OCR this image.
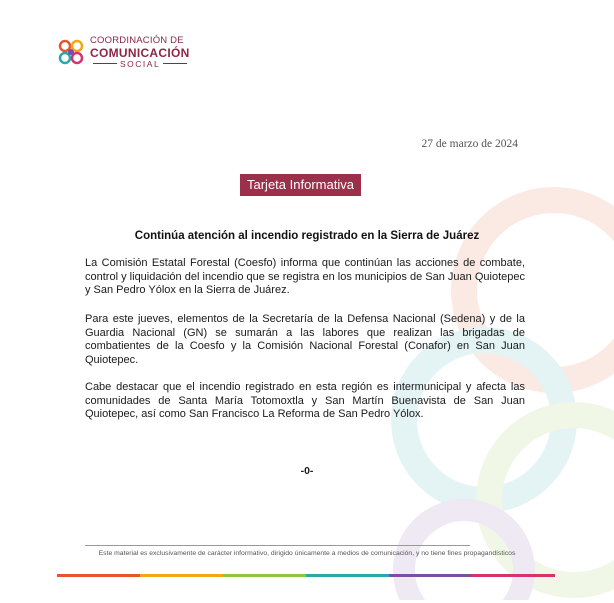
COORDINACIÓN DE
COMUNICACIÓN
SOCIAL
27 de marzo de 2024
Tarjeta Informativa
Continúa atención al incendio registrado en la Sierra de Juárez

La Comisión Estatal Forestal (Coesfo) informa que continúan las acciones de combate, control y liquidación del incendio que se registra en los municipios de San Juan Quiotepec y San Pedro Yólox en la Sierra de Juárez.

Para este jueves, elementos de la Secretaría de la Defensa Nacional (Sedena) y de la Guardia Nacional (GN) se sumarán a las labores que realizan las brigadas de combatientes de la Coesfo y la Comisión Nacional Forestal (Conafor) en San Juan Quiotepec.

Cabe destacar que el incendio registrado en esta región es intermunicipal y afecta las comunidades de Santa María Totomoxtla y San Martín Buenavista de San Juan Quiotepec, así como San Francisco La Reforma de San Pedro Yólox.

-0-
Este material es exclusivamente de carácter informativo, dirigido únicamente a medios de comunicación, y no tiene fines propagandísticos
